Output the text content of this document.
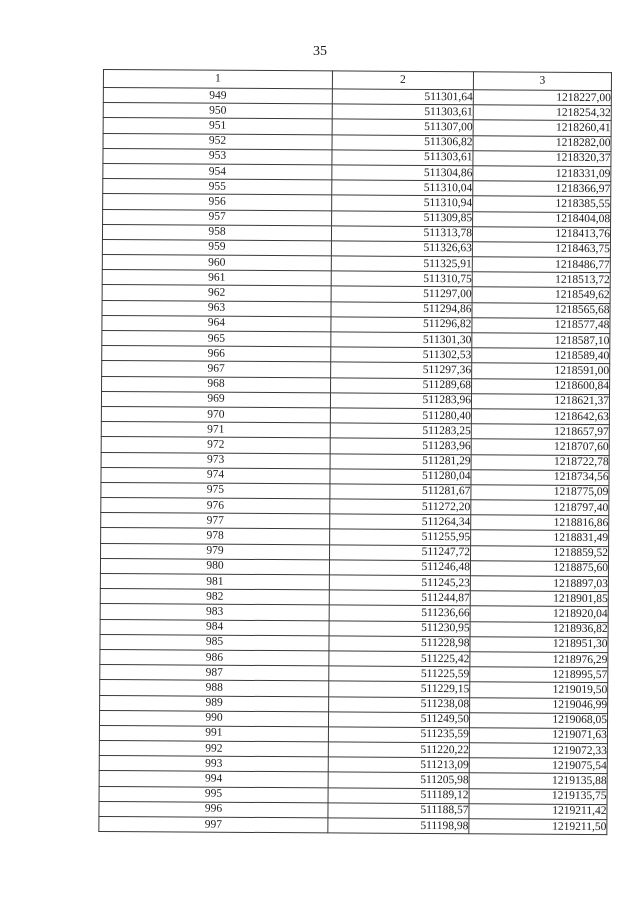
35
1	2	3
949	511301,64	1218227,00
950	511303,61	1218254,32
951	511307,00	1218260,41
952	511306,82	1218282,00
953	511303,61	1218320,37
954	511304,86	1218331,09
955	511310,04	1218366,97
956	511310,94	1218385,55
957	511309,85	1218404,08
958	511313,78	1218413,76
959	511326,63	1218463,75
960	511325,91	1218486,77
961	511310,75	1218513,72
962	511297,00	1218549,62
963	511294,86	1218565,68
964	511296,82	1218577,48
965	511301,30	1218587,10
966	511302,53	1218589,40
967	511297,36	1218591,00
968	511289,68	1218600,84
969	511283,96	1218621,37
970	511280,40	1218642,63
971	511283,25	1218657,97
972	511283,96	1218707,60
973	511281,29	1218722,78
974	511280,04	1218734,56
975	511281,67	1218775,09
976	511272,20	1218797,40
977	511264,34	1218816,86
978	511255,95	1218831,49
979	511247,72	1218859,52
980	511246,48	1218875,60
981	511245,23	1218897,03
982	511244,87	1218901,85
983	511236,66	1218920,04
984	511230,95	1218936,82
985	511228,98	1218951,30
986	511225,42	1218976,29
987	511225,59	1218995,57
988	511229,15	1219019,50
989	511238,08	1219046,99
990	511249,50	1219068,05
991	511235,59	1219071,63
992	511220,22	1219072,33
993	511213,09	1219075,54
994	511205,98	1219135,88
995	511189,12	1219135,75
996	511188,57	1219211,42
997	511198,98	1219211,50
